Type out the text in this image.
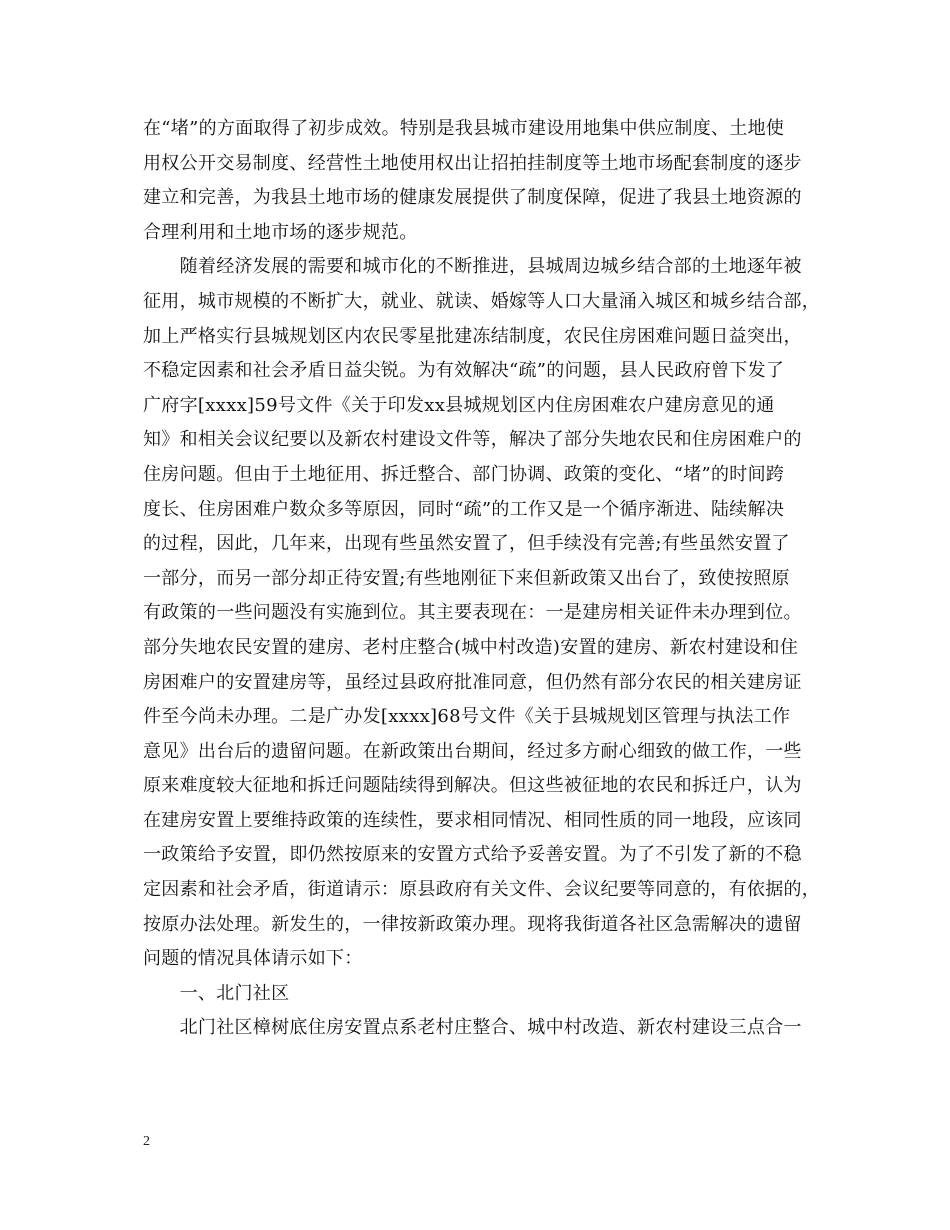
在“堵”的方面取得了初步成效。特别是我县城市建设用地集中供应制度、土地使
用权公开交易制度、经营性土地使用权出让招拍挂制度等土地市场配套制度的逐步
建立和完善，为我县土地市场的健康发展提供了制度保障，促进了我县土地资源的
合理利用和土地市场的逐步规范。
　　随着经济发展的需要和城市化的不断推进，县城周边城乡结合部的土地逐年被
征用，城市规模的不断扩大，就业、就读、婚嫁等人口大量涌入城区和城乡结合部，
加上严格实行县城规划区内农民零星批建冻结制度，农民住房困难问题日益突出，
不稳定因素和社会矛盾日益尖锐。为有效解决“疏”的问题，县人民政府曾下发了
广府字[xxxx]59号文件《关于印发xx县城规划区内住房困难农户建房意见的通
知》和相关会议纪要以及新农村建设文件等，解决了部分失地农民和住房困难户的
住房问题。但由于土地征用、拆迁整合、部门协调、政策的变化、“堵”的时间跨
度长、住房困难户数众多等原因，同时“疏”的工作又是一个循序渐进、陆续解决
的过程，因此，几年来，出现有些虽然安置了，但手续没有完善;有些虽然安置了
一部分，而另一部分却正待安置;有些地刚征下来但新政策又出台了，致使按照原
有政策的一些问题没有实施到位。其主要表现在：一是建房相关证件未办理到位。
部分失地农民安置的建房、老村庄整合(城中村改造)安置的建房、新农村建设和住
房困难户的安置建房等，虽经过县政府批准同意，但仍然有部分农民的相关建房证
件至今尚未办理。二是广办发[xxxx]68号文件《关于县城规划区管理与执法工作
意见》出台后的遗留问题。在新政策出台期间，经过多方耐心细致的做工作，一些
原来难度较大征地和拆迁问题陆续得到解决。但这些被征地的农民和拆迁户，认为
在建房安置上要维持政策的连续性，要求相同情况、相同性质的同一地段，应该同
一政策给予安置，即仍然按原来的安置方式给予妥善安置。为了不引发了新的不稳
定因素和社会矛盾，街道请示：原县政府有关文件、会议纪要等同意的，有依据的，
按原办法处理。新发生的，一律按新政策办理。现将我街道各社区急需解决的遗留
问题的情况具体请示如下：
　　一、北门社区
　　北门社区樟树底住房安置点系老村庄整合、城中村改造、新农村建设三点合一
2
